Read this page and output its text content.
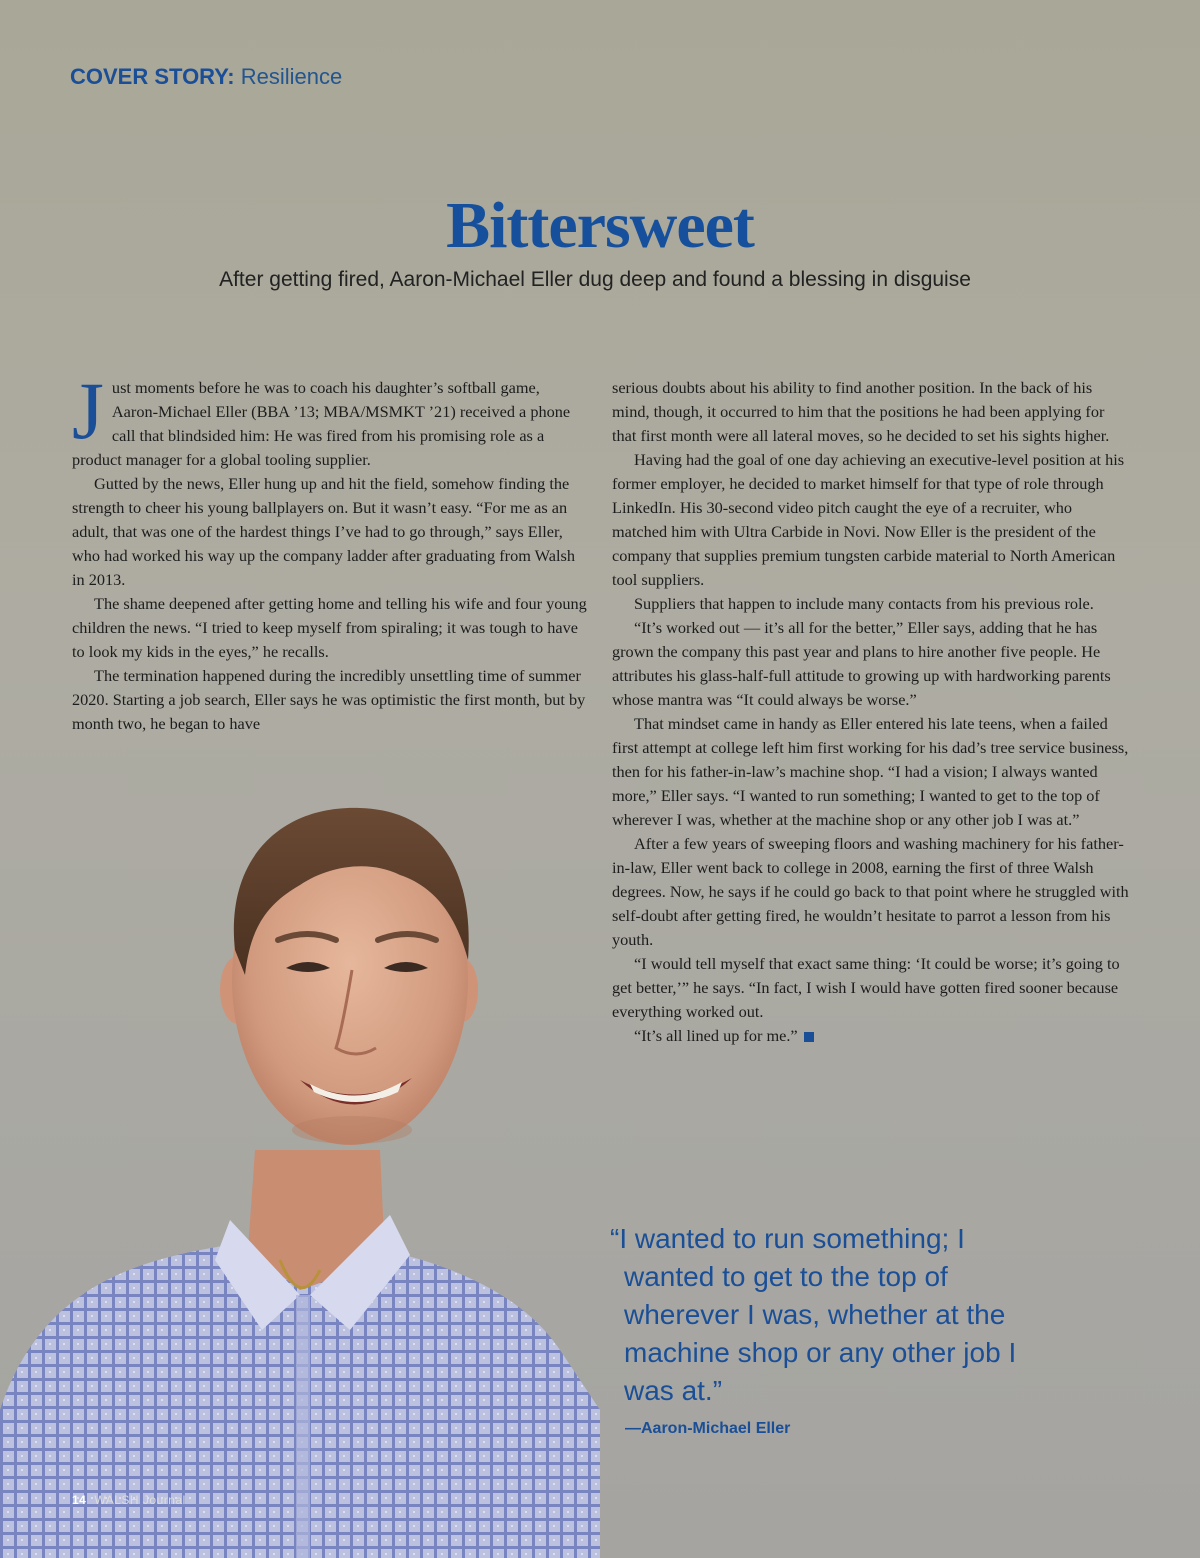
COVER STORY: Resilience
Bittersweet
After getting fired, Aaron-Michael Eller dug deep and found a blessing in disguise

Just moments before he was to coach his daughter’s softball game, Aaron-Michael Eller (BBA ’13; MBA/MSMKT ’21) received a phone call that blindsided him: He was fired from his promising role as a product manager for a global tooling supplier.

Gutted by the news, Eller hung up and hit the field, somehow finding the strength to cheer his young ballplayers on. But it wasn’t easy. “For me as an adult, that was one of the hardest things I’ve had to go through,” says Eller, who had worked his way up the company ladder after graduating from Walsh in 2013.

The shame deepened after getting home and telling his wife and four young children the news. “I tried to keep myself from spiraling; it was tough to have to look my kids in the eyes,” he recalls.

The termination happened during the incredibly unsettling time of summer 2020. Starting a job search, Eller says he was optimistic the first month, but by month two, he began to have

serious doubts about his ability to find another position. In the back of his mind, though, it occurred to him that the positions he had been applying for that first month were all lateral moves, so he decided to set his sights higher.

Having had the goal of one day achieving an executive-level position at his former employer, he decided to market himself for that type of role through LinkedIn. His 30-second video pitch caught the eye of a recruiter, who matched him with Ultra Carbide in Novi. Now Eller is the president of the company that supplies premium tungsten carbide material to North American tool suppliers.

Suppliers that happen to include many contacts from his previous role.

“It’s worked out — it’s all for the better,” Eller says, adding that he has grown the company this past year and plans to hire another five people. He attributes his glass-half-full attitude to growing up with hardworking parents whose mantra was “It could always be worse.”

That mindset came in handy as Eller entered his late teens, when a failed first attempt at college left him first working for his dad’s tree service business, then for his father-in-law’s machine shop. “I had a vision; I always wanted more,” Eller says. “I wanted to run something; I wanted to get to the top of wherever I was, whether at the machine shop or any other job I was at.”

After a few years of sweeping floors and washing machinery for his father-in-law, Eller went back to college in 2008, earning the first of three Walsh degrees. Now, he says if he could go back to that point where he struggled with self-doubt after getting fired, he wouldn’t hesitate to parrot a lesson from his youth.

“I would tell myself that exact same thing: ‘It could be worse; it’s going to get better,’” he says. “In fact, I wish I would have gotten fired sooner because everything worked out.

“It’s all lined up for me.”

“I wanted to run something; I wanted to get to the top of wherever I was, whether at the machine shop or any other job I was at.”
—Aaron-Michael Eller
14 WALSH Journal
